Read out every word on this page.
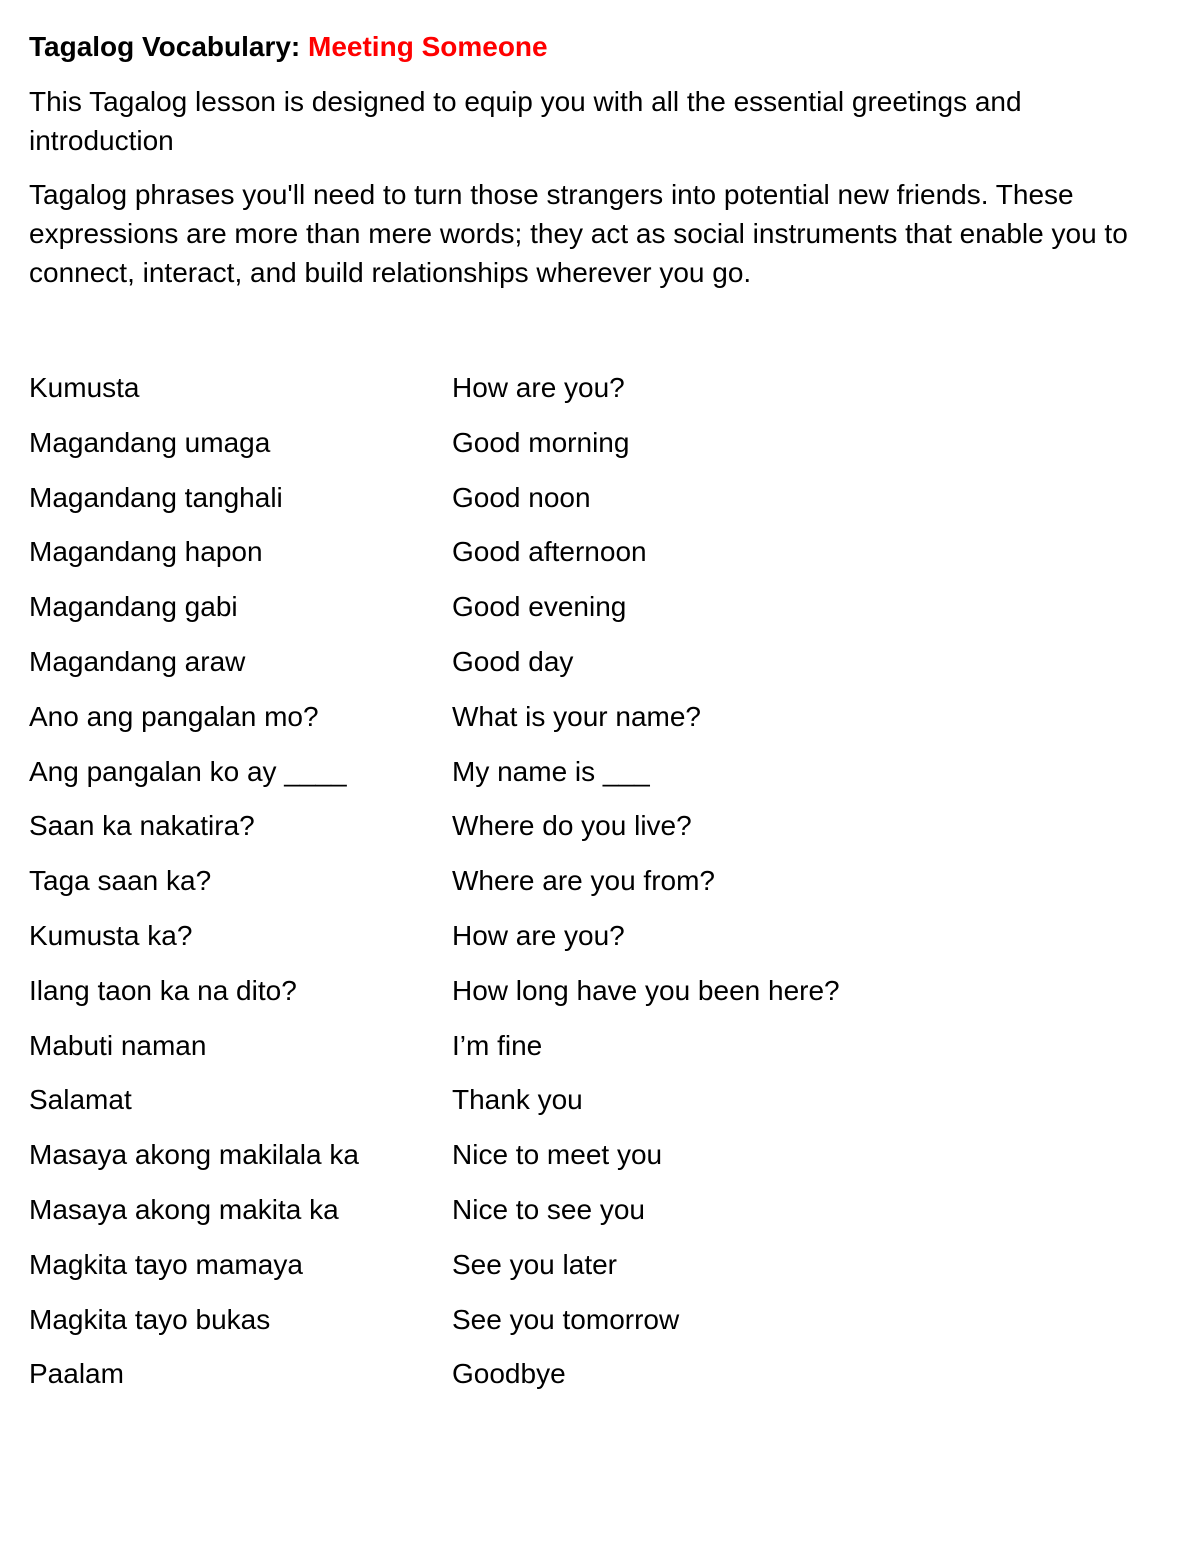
Tagalog Vocabulary: Meeting Someone

This Tagalog lesson is designed to equip you with all the essential greetings and introduction

Tagalog phrases you'll need to turn those strangers into potential new friends. These expressions are more than mere words; they act as social instruments that enable you to connect, interact, and build relationships wherever you go.

Kumusta	How are you?
Magandang umaga	Good morning
Magandang tanghali	Good noon
Magandang hapon	Good afternoon
Magandang gabi	Good evening
Magandang araw	Good day
Ano ang pangalan mo?	What is your name?
Ang pangalan ko ay ____	My name is ___
Saan ka nakatira?	Where do you live?
Taga saan ka?	Where are you from?
Kumusta ka?	How are you?
Ilang taon ka na dito?	How long have you been here?
Mabuti naman	I’m fine
Salamat	Thank you
Masaya akong makilala ka	Nice to meet you
Masaya akong makita ka	Nice to see you
Magkita tayo mamaya	See you later
Magkita tayo bukas	See you tomorrow
Paalam	Goodbye
